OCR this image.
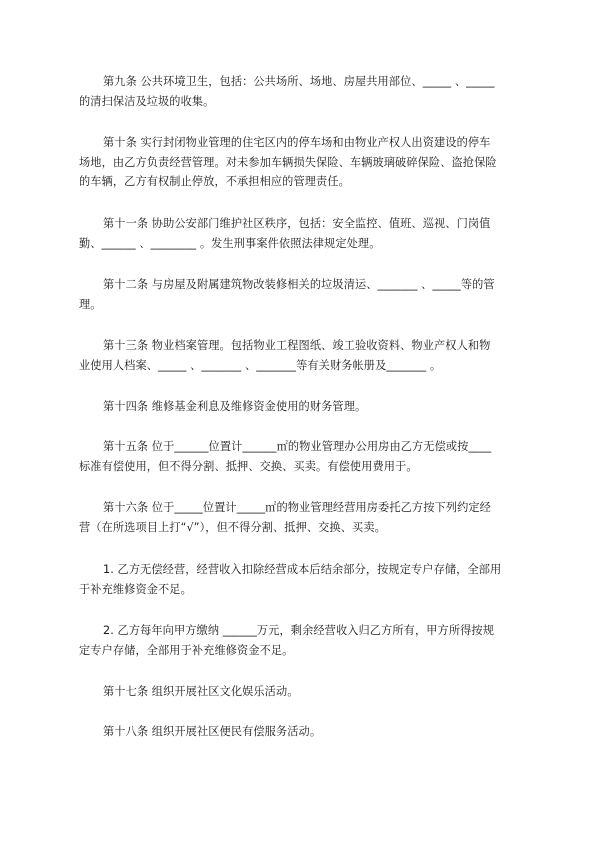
第九条 公共环境卫生，包括：公共场所、场地、房屋共用部位、_____ 、_____
的清扫保洁及垃圾的收集。

第十条 实行封闭物业管理的住宅区内的停车场和由物业产权人出资建设的停车
场地，由乙方负责经营管理。对未参加车辆损失保险、车辆玻璃破碎保险、盗抢保险
的车辆，乙方有权制止停放，不承担相应的管理责任。

第十一条 协助公安部门维护社区秩序，包括：安全监控、值班、巡视、门岗值
勤、______ 、________ 。发生刑事案件依照法律规定处理。

第十二条 与房屋及附属建筑物改装修相关的垃圾清运、_______ 、_____等的管
理。

第十三条 物业档案管理。包括物业工程图纸、竣工验收资料、物业产权人和物
业使用人档案、_____ 、_______ 、_______等有关财务帐册及_______ 。

第十四条 维修基金利息及维修资金使用的财务管理。

第十五条 位于______位置计______㎡的物业管理办公用房由乙方无偿或按____
标准有偿使用，但不得分割、抵押、交换、买卖。有偿使用费用于。

第十六条 位于_____位置计_____㎡的物业管理经营用房委托乙方按下列约定经
营（在所选项目上打“√”），但不得分割、抵押、交换、买卖。

1. 乙方无偿经营，经营收入扣除经营成本后结余部分，按规定专户存储，全部用
于补充维修资金不足。

2. 乙方每年向甲方缴纳 ______万元，剩余经营收入归乙方所有，甲方所得按规
定专户存储，全部用于补充维修资金不足。

第十七条 组织开展社区文化娱乐活动。

第十八条 组织开展社区便民有偿服务活动。
